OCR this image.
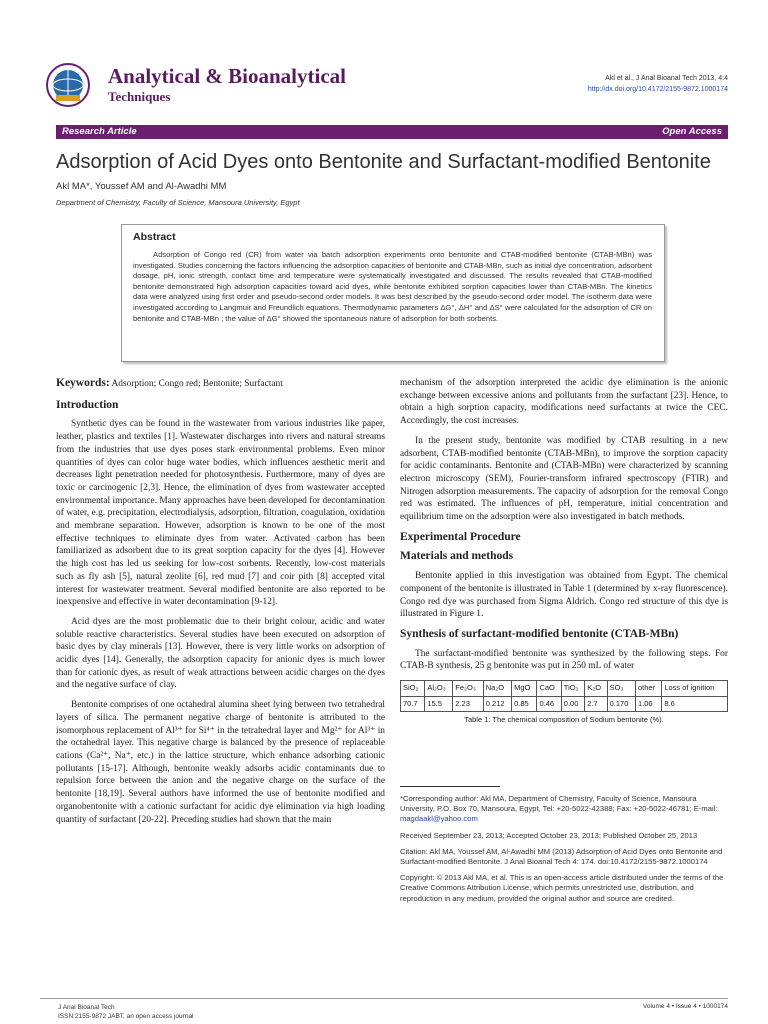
Analytical & Bioanalytical
Techniques
Akl et al., J Anal Bioanal Tech 2013, 4:4
http://dx.doi.org/10.4172/2155-9872.1000174
Research Article	Open Access
Adsorption of Acid Dyes onto Bentonite and Surfactant-modified Bentonite
Akl MA*, Youssef AM and Al-Awadhi MM
Department of Chemistry, Faculty of Science, Mansoura University, Egypt
Abstract

Adsorption of Congo red (CR) from water via batch adsorption experiments onto bentonite and CTAB-modified bentonite (CTAB-MBn) was investigated. Studies concerning the factors influencing the adsorption capacities of bentonite and CTAB-MBn, such as initial dye concentration, adsorbent dosage, pH, ionic strength, contact time and temperature were systematically investigated and discussed. The results revealed that CTAB-modified bentonite demonstrated high adsorption capacities toward acid dyes, while bentonite exhibited sorption capacities lower than CTAB-MBn. The kinetics data were analyzed using first order and pseudo-second order models. It was best described by the pseudo-second order model. The isotherm data were investigated according to Langmuir and Freundlich equations. Thermodynamic parameters ΔG°, ΔH° and ΔS° were calculated for the adsorption of CR on bentonite and CTAB-MBn ; the value of ΔG° showed the spontaneous nature of adsorption for both sorbents.

Keywords: Adsorption; Congo red; Bentonite; Surfactant

Introduction

Synthetic dyes can be found in the wastewater from various industries like paper, leather, plastics and textiles [1]. Wastewater discharges into rivers and natural streams from the industries that use dyes poses stark environmental problems. Even minor quantities of dyes can color huge water bodies, which influences aesthetic merit and decreases light penetration needed for photosynthesis. Furthermore, many of dyes are toxic or carcinogenic [2,3]. Hence, the elimination of dyes from wastewater accepted environmental importance. Many approaches have been developed for decontamination of water, e.g. precipitation, electrodialysis, adsorption, filtration, coagulation, oxidation and membrane separation. However, adsorption is known to be one of the most effective techniques to eliminate dyes from water. Activated carbon has been familiarized as adsorbent due to its great sorption capacity for the dyes [4]. However the high cost has led us seeking for low-cost sorbents. Recently, low-cost materials such as fly ash [5], natural zeolite [6], red mud [7] and coir pith [8] accepted vital interest for wastewater treatment. Several modified bentonite are also reported to be inexpensive and effective in water decontamination [9-12].

Acid dyes are the most problematic due to their bright colour, acidic and water soluble reactive characteristics. Several studies have been executed on adsorption of basic dyes by clay minerals [13]. However, there is very little works on adsorption of acidic dyes [14]. Generally, the adsorption capacity for anionic dyes is much lower than for cationic dyes, as result of weak attractions between acidic charges on the dyes and the negative surface of clay.

Bentonite comprises of one octahedral alumina sheet lying between two tetrahedral layers of silica. The permanent negative charge of bentonite is attributed to the isomorphous replacement of Al³⁺ for Si⁴⁺ in the tetrahedral layer and Mg²⁺ for Al³⁺ in the octahedral layer. This negative charge is balanced by the presence of replaceable cations (Ca²⁺, Na⁺, etc.) in the lattice structure, which enhance adsorbing cationic pollutants [15-17]. Although, bentonite weakly adsorbs acidic contaminants due to repulsion force between the anion and the negative charge on the surface of the bentonite [18,19]. Several authors have informed the use of bentonite modified and organobentonite with a cationic surfactant for acidic dye elimination via high loading quantity of surfactant [20-22]. Preceding studies had shown that the main

mechanism of the adsorption interpreted the acidic dye elimination is the anionic exchange between excessive anions and pollutants from the surfactant [23]. Hence, to obtain a high sorption capacity, modifications need surfactants at twice the CEC. Accordingly, the cost increases.

In the present study, bentonite was modified by CTAB resulting in a new adsorbent, CTAB-modified bentonite (CTAB-MBn), to improve the sorption capacity for acidic contaminants. Bentonite and (CTAB-MBn) were characterized by scanning electron microscopy (SEM), Fourier-transform infrared spectroscopy (FTIR) and Nitrogen adsorption measurements. The capacity of adsorption for the removal Congo red was estimated. The influences of pH, temperature, initial concentration and equilibrium time on the adsorption were also investigated in batch methods.

Experimental Procedure
Materials and methods

Bentonite applied in this investigation was obtained from Egypt. The chemical component of the bentonite is illustrated in Table 1 (determined by x-ray fluorescence). Congo red dye was purchased from Sigma Aldrich. Congo red structure of this dye is illustrated in Figure 1.

Synthesis of surfactant-modified bentonite (CTAB-MBn)

The surfactant-modified bentonite was synthesized by the following steps. For CTAB-B synthesis, 25 g bentonite was put in 250 mL of water

SiO₂	Al₂O₃	Fe₂O₃	Na₂O	MgO	CaO	TiO₂	K₂O	SO₃	other	Loss of ignition
70.7	15.5	2.23	0.212	0.85	0.46	0.00	2.7	0.170	1.06	8.6
Table 1: The chemical composition of Sodium bentonite (%).

*Corresponding author: Akl MA, Department of Chemistry, Faculty of Science, Mansoura University, P.O. Box 70, Mansoura, Egypt, Tel: +20-5022-42388; Fax: +20-5022-46781; E-mail: magdaakl@yahoo.com

Received September 23, 2013; Accepted October 23, 2013; Published October 25, 2013

Citation: Akl MA, Youssef AM, Al-Awadhi MM (2013) Adsorption of Acid Dyes onto Bentonite and Surfactant-modified Bentonite. J Anal Bioanal Tech 4: 174. doi:10.4172/2155-9872.1000174

Copyright: © 2013 Akl MA, et al. This is an open-access article distributed under the terms of the Creative Commons Attribution License, which permits unrestricted use, distribution, and reproduction in any medium, provided the original author and source are credited.

J Anal Bioanal Tech
ISSN:2155-9872 JABT, an open access journal
Volume 4 • Issue 4 • 1000174
